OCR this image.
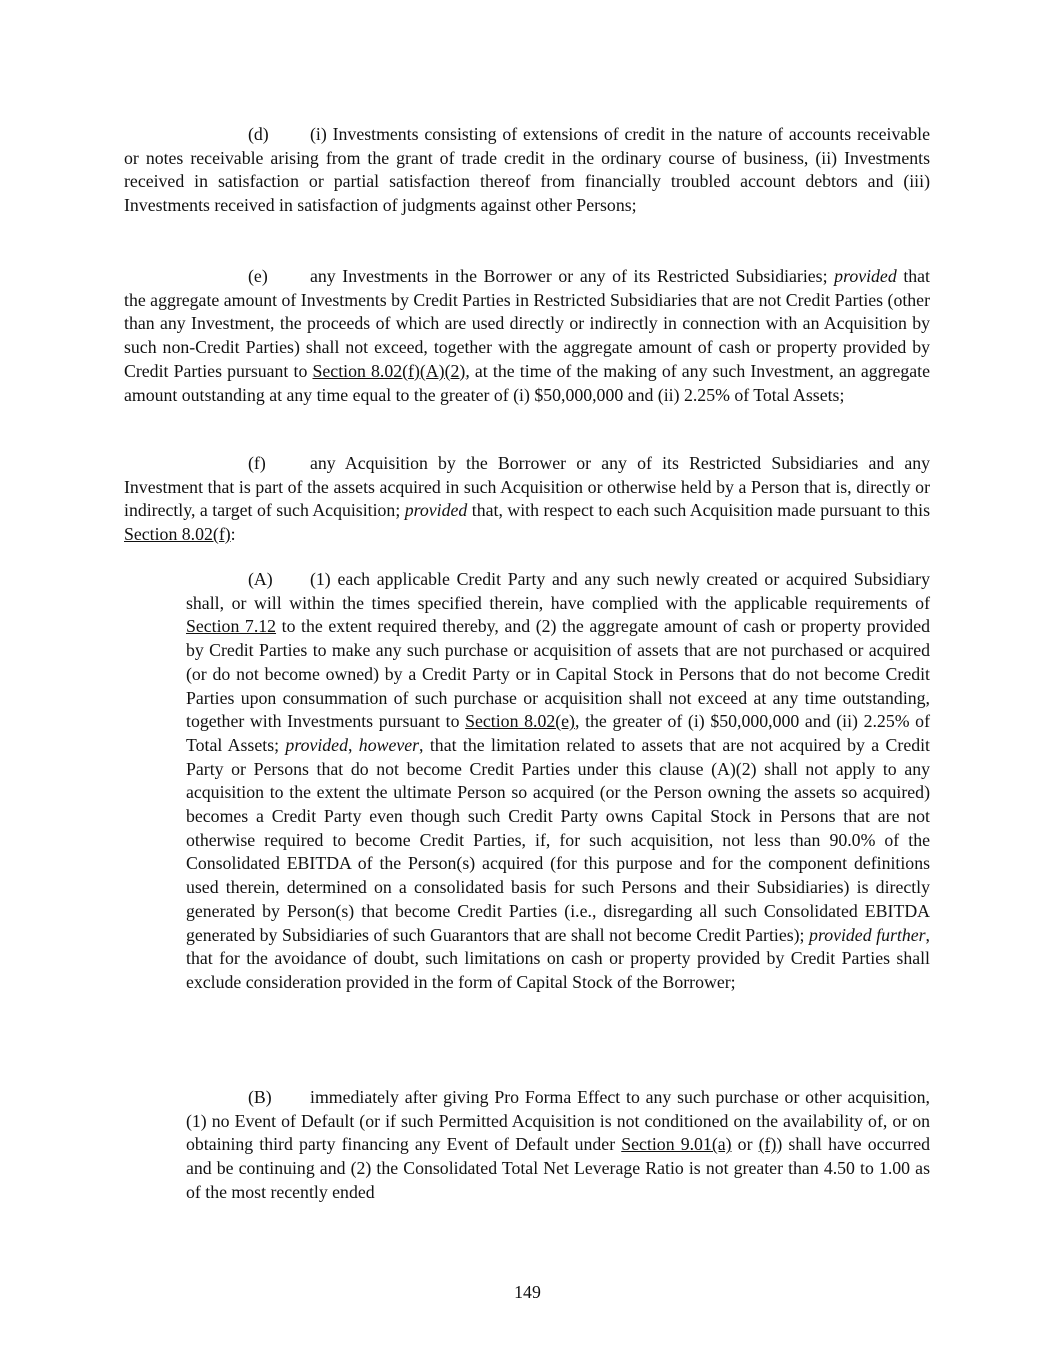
(d) (i) Investments consisting of extensions of credit in the nature of accounts receivable or notes receivable arising from the grant of trade credit in the ordinary course of business, (ii) Investments received in satisfaction or partial satisfaction thereof from financially troubled account debtors and (iii) Investments received in satisfaction of judgments against other Persons;

(e) any Investments in the Borrower or any of its Restricted Subsidiaries; provided that the aggregate amount of Investments by Credit Parties in Restricted Subsidiaries that are not Credit Parties (other than any Investment, the proceeds of which are used directly or indirectly in connection with an Acquisition by such non-Credit Parties) shall not exceed, together with the aggregate amount of cash or property provided by Credit Parties pursuant to Section 8.02(f)(A)(2), at the time of the making of any such Investment, an aggregate amount outstanding at any time equal to the greater of (i) $50,000,000 and (ii) 2.25% of Total Assets;

(f) any Acquisition by the Borrower or any of its Restricted Subsidiaries and any Investment that is part of the assets acquired in such Acquisition or otherwise held by a Person that is, directly or indirectly, a target of such Acquisition; provided that, with respect to each such Acquisition made pursuant to this Section 8.02(f):

(A) (1) each applicable Credit Party and any such newly created or acquired Subsidiary shall, or will within the times specified therein, have complied with the applicable requirements of Section 7.12 to the extent required thereby, and (2) the aggregate amount of cash or property provided by Credit Parties to make any such purchase or acquisition of assets that are not purchased or acquired (or do not become owned) by a Credit Party or in Capital Stock in Persons that do not become Credit Parties upon consummation of such purchase or acquisition shall not exceed at any time outstanding, together with Investments pursuant to Section 8.02(e), the greater of (i) $50,000,000 and (ii) 2.25% of Total Assets; provided, however, that the limitation related to assets that are not acquired by a Credit Party or Persons that do not become Credit Parties under this clause (A)(2) shall not apply to any acquisition to the extent the ultimate Person so acquired (or the Person owning the assets so acquired) becomes a Credit Party even though such Credit Party owns Capital Stock in Persons that are not otherwise required to become Credit Parties, if, for such acquisition, not less than 90.0% of the Consolidated EBITDA of the Person(s) acquired (for this purpose and for the component definitions used therein, determined on a consolidated basis for such Persons and their Subsidiaries) is directly generated by Person(s) that become Credit Parties (i.e., disregarding all such Consolidated EBITDA generated by Subsidiaries of such Guarantors that are shall not become Credit Parties); provided further, that for the avoidance of doubt, such limitations on cash or property provided by Credit Parties shall exclude consideration provided in the form of Capital Stock of the Borrower;

(B) immediately after giving Pro Forma Effect to any such purchase or other acquisition, (1) no Event of Default (or if such Permitted Acquisition is not conditioned on the availability of, or on obtaining third party financing any Event of Default under Section 9.01(a) or (f)) shall have occurred and be continuing and (2) the Consolidated Total Net Leverage Ratio is not greater than 4.50 to 1.00 as of the most recently ended

149
